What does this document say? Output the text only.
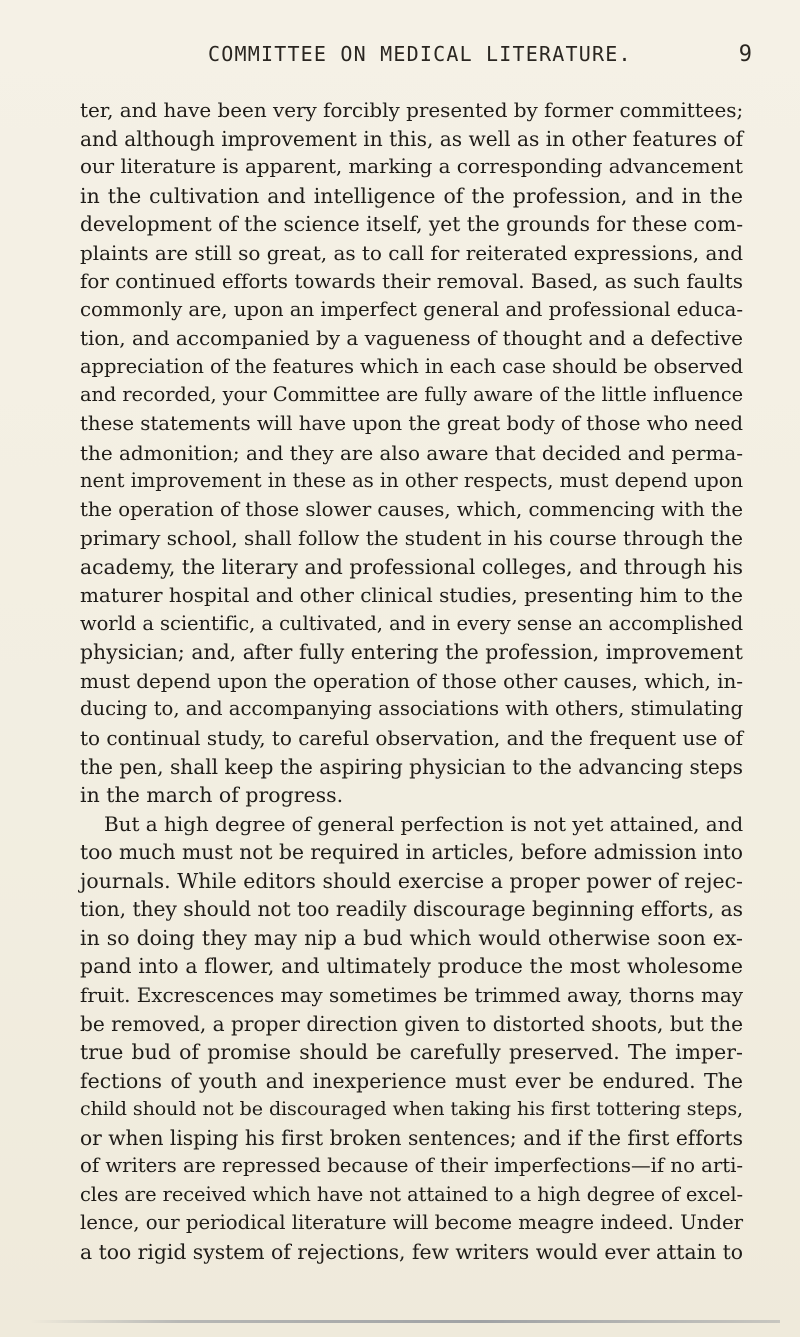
COMMITTEE ON MEDICAL LITERATURE.	9

ter, and have been very forcibly presented by former committees;
and although improvement in this, as well as in other features of
our literature is apparent, marking a corresponding advancement
in the cultivation and intelligence of the profession, and in the
development of the science itself, yet the grounds for these com-
plaints are still so great, as to call for reiterated expressions, and
for continued efforts towards their removal. Based, as such faults
commonly are, upon an imperfect general and professional educa-
tion, and accompanied by a vagueness of thought and a defective
appreciation of the features which in each case should be observed
and recorded, your Committee are fully aware of the little influence
these statements will have upon the great body of those who need
the admonition; and they are also aware that decided and perma-
nent improvement in these as in other respects, must depend upon
the operation of those slower causes, which, commencing with the
primary school, shall follow the student in his course through the
academy, the literary and professional colleges, and through his
maturer hospital and other clinical studies, presenting him to the
world a scientific, a cultivated, and in every sense an accomplished
physician; and, after fully entering the profession, improvement
must depend upon the operation of those other causes, which, in-
ducing to, and accompanying associations with others, stimulating
to continual study, to careful observation, and the frequent use of
the pen, shall keep the aspiring physician to the advancing steps
in the march of progress.

But a high degree of general perfection is not yet attained, and
too much must not be required in articles, before admission into
journals. While editors should exercise a proper power of rejec-
tion, they should not too readily discourage beginning efforts, as
in so doing they may nip a bud which would otherwise soon ex-
pand into a flower, and ultimately produce the most wholesome
fruit. Excrescences may sometimes be trimmed away, thorns may
be removed, a proper direction given to distorted shoots, but the
true bud of promise should be carefully preserved. The imper-
fections of youth and inexperience must ever be endured. The
child should not be discouraged when taking his first tottering steps,
or when lisping his first broken sentences; and if the first efforts
of writers are repressed because of their imperfections—if no arti-
cles are received which have not attained to a high degree of excel-
lence, our periodical literature will become meagre indeed. Under
a too rigid system of rejections, few writers would ever attain to
